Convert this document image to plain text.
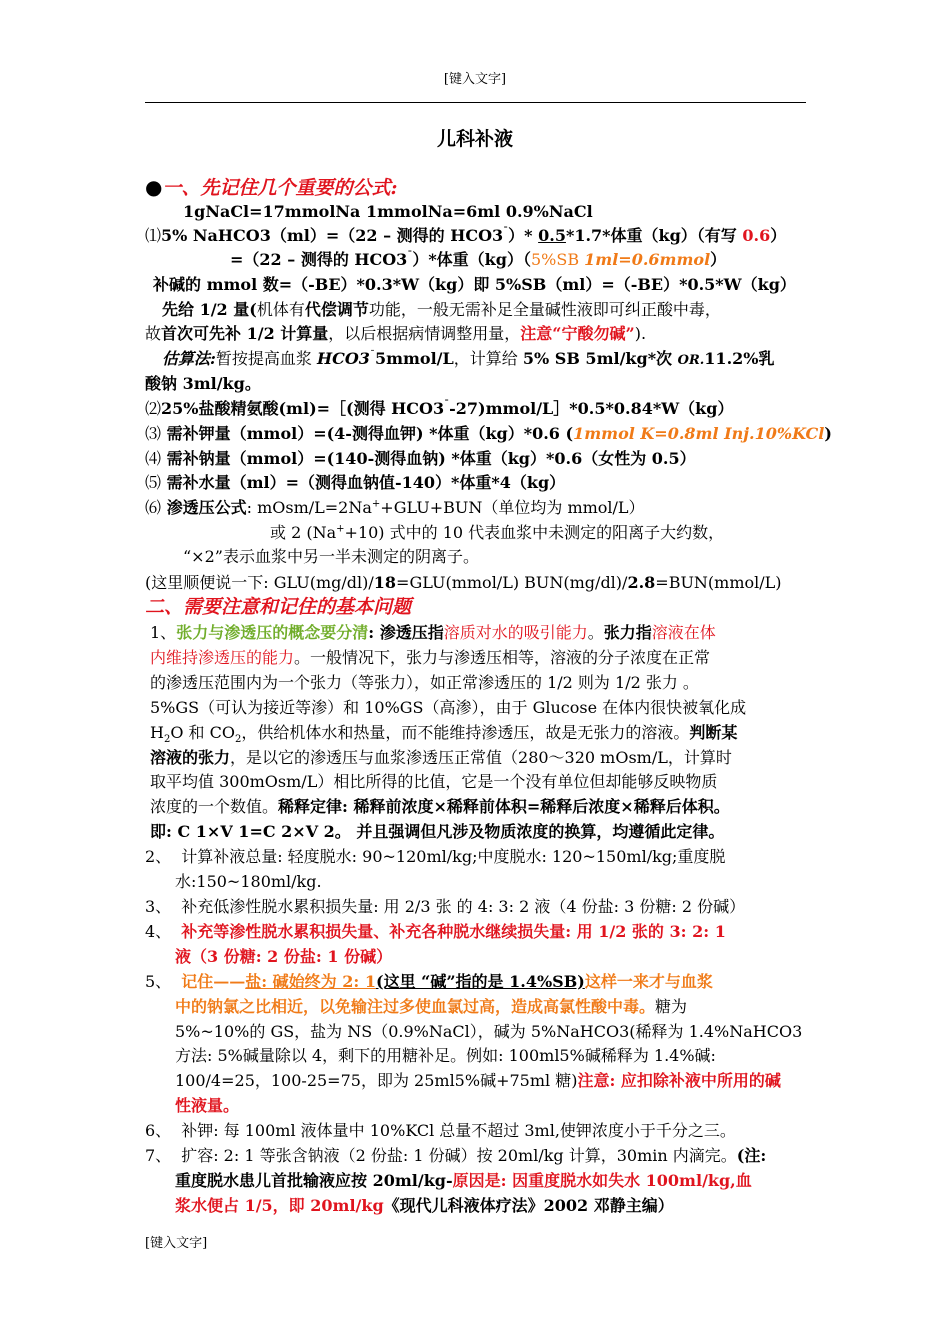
[键入文字]
儿科补液
●一、先记住几个重要的公式:
1gNaCl=17mmolNa 1mmolNa=6ml 0.9%NaCl
⑴5% NaHCO3（ml）=（22 – 测得的 HCO3¯）* 0.5*1.7*体重（kg）（有写 0.6）
=（22 – 测得的 HCO3¯）*体重（kg）（5%SB 1ml=0.6mmol）
补碱的 mmol 数=（-BE）*0.3*W（kg）即 5%SB（ml）=（-BE）*0.5*W（kg）
先给 1/2 量(机体有代偿调节功能，一般无需补足全量碱性液即可纠正酸中毒，
故首次可先补 1/2 计算量，以后根据病情调整用量，注意“宁酸勿碱”).
估算法:暂按提高血浆 HCO3¯5mmol/L，计算给 5% SB 5ml/kg*次 OR.11.2%乳
酸钠 3ml/kg。
⑵25%盐酸精氨酸(ml)=［(测得 HCO3¯-27)mmol/L］*0.5*0.84*W（kg）
⑶ 需补钾量（mmol）=(4-测得血钾) *体重（kg）*0.6 (1mmol K=0.8ml Inj.10%KCl)
⑷ 需补钠量（mmol）=(140-测得血钠) *体重（kg）*0.6（女性为 0.5）
⑸ 需补水量（ml）=（测得血钠值-140）*体重*4（kg）
⑹ 渗透压公式: mOsm/L=2Na++GLU+BUN（单位均为 mmol/L）
或 2 (Na++10) 式中的 10 代表血浆中未测定的阳离子大约数，
“×2”表示血浆中另一半未测定的阴离子。
(这里顺便说一下: GLU(mg/dl)/18=GLU(mmol/L) BUN(mg/dl)/2.8=BUN(mmol/L)
二、需要注意和记住的基本问题
1、张力与渗透压的概念要分清: 渗透压指溶质对水的吸引能力。张力指溶液在体
内维持渗透压的能力。一般情况下，张力与渗透压相等，溶液的分子浓度在正常
的渗透压范围内为一个张力（等张力），如正常渗透压的 1/2 则为 1/2 张力 。
5%GS（可认为接近等渗）和 10%GS（高渗），由于 Glucose 在体内很快被氧化成
$H_2O$ 和 $CO_2$，供给机体水和热量，而不能维持渗透压，故是无张力的溶液。判断某
溶液的张力，是以它的渗透压与血浆渗透压正常值（280～320 mOsm/L，计算时
取平均值 300mOsm/L）相比所得的比值，它是一个没有单位但却能够反映物质
浓度的一个数值。稀释定律: 稀释前浓度×稀释前体积=稀释后浓度×稀释后体积。
即: C 1×V 1=C 2×V 2。 并且强调但凡涉及物质浓度的换算，均遵循此定律。
2、 计算补液总量: 轻度脱水: 90~120ml/kg;中度脱水: 120~150ml/kg;重度脱
水:150~180ml/kg.
3、 补充低渗性脱水累积损失量: 用 2/3 张 的 4: 3: 2 液（4 份盐: 3 份糖: 2 份碱）
4、 补充等渗性脱水累积损失量、补充各种脱水继续损失量: 用 1/2 张的 3: 2: 1
液（3 份糖: 2 份盐: 1 份碱）
5、 记住——盐: 碱始终为 2: 1(这里 “碱”指的是 1.4%SB)这样一来才与血浆
中的钠氯之比相近，以免输注过多使血氯过高，造成高氯性酸中毒。糖为
5%~10%的 GS，盐为 NS（0.9%NaCl），碱为 5%NaHCO3(稀释为 1.4%NaHCO3
方法: 5%碱量除以 4，剩下的用糖补足。例如: 100ml5%碱稀释为 1.4%碱:
100/4=25，100-25=75，即为 25ml5%碱+75ml 糖)注意: 应扣除补液中所用的碱
性液量。
6、 补钾: 每 100ml 液体量中 10%KCl 总量不超过 3ml,使钾浓度小于千分之三。
7、 扩容: 2: 1 等张含钠液（2 份盐: 1 份碱）按 20ml/kg 计算，30min 内滴完。(注:
重度脱水患儿首批输液应按 20ml/kg-原因是: 因重度脱水如失水 100ml/kg,血
浆水便占 1/5，即 20ml/kg《现代儿科液体疗法》2002 邓静主编）
[键入文字]
